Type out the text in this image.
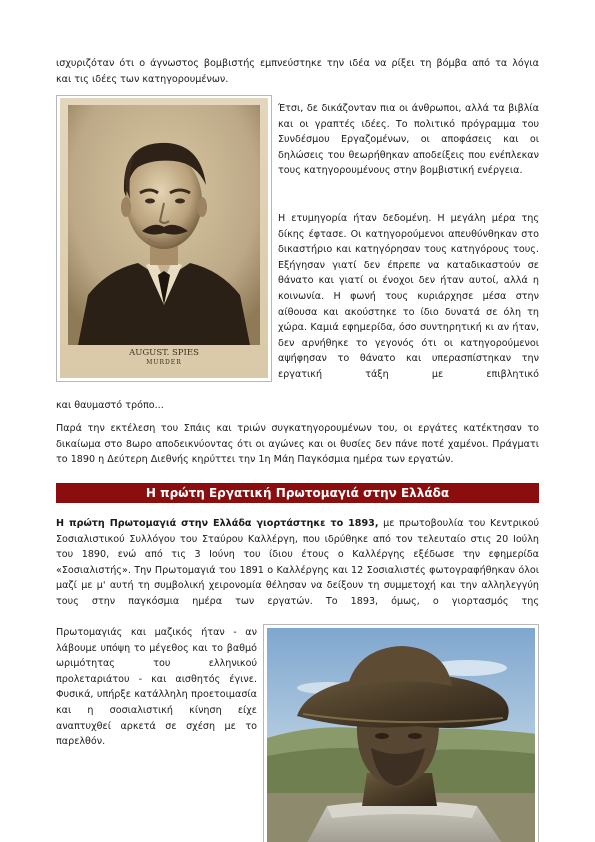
ισχυριζόταν ότι ο άγνωστος βομβιστής εμπνεύστηκε την ιδέα να ρίξει τη βόμβα από τα λόγια

και τις ιδέες των κατηγορουμένων.

AUGUST. SPIES
MURDER

Έτσι, δε δικάζονταν πια οι άνθρωποι, αλλά τα βιβλία και οι γραπτές ιδέες. Το πολιτικό πρόγραμμα του Συνδέσμου Εργαζομένων, οι αποφάσεις και οι δηλώσεις του θεωρήθηκαν αποδείξεις που ενέπλεκαν τους κατηγορουμένους στην βομβιστική ενέργεια.

Η ετυμηγορία ήταν δεδομένη. Η μεγάλη μέρα της δίκης έφτασε. Οι κατηγορούμενοι απευθύνθηκαν στο δικαστήριο και κατηγόρησαν τους κατηγόρους τους. Εξήγησαν γιατί δεν έπρεπε να καταδικαστούν σε θάνατο και γιατί οι ένοχοι δεν ήταν αυτοί, αλλά η κοινωνία. Η φωνή τους κυριάρχησε μέσα στην αίθουσα και ακούστηκε το ίδιο δυνατά σε όλη τη χώρα. Καμιά εφημερίδα, όσο συντηρητική κι αν ήταν, δεν αρνήθηκε το γεγονός ότι οι κατηγορούμενοι αψήφησαν το θάνατο και υπερασπίστηκαν την εργατική τάξη με επιβλητικό

και θαυμαστό τρόπο...

Παρά την εκτέλεση του Σπάις και τριών συγκατηγορουμένων του, οι εργάτες κατέκτησαν το δικαίωμα στο 8ωρο αποδεικνύοντας ότι οι αγώνες και οι θυσίες δεν πάνε ποτέ χαμένοι. Πράγματι το 1890 η Δεύτερη Διεθνής κηρύττει την 1η Μάη Παγκόσμια ημέρα των εργατών.

Η πρώτη Εργατική Πρωτομαγιά στην Ελλάδα

Η πρώτη Πρωτομαγιά στην Ελλάδα γιορτάστηκε το 1893, με πρωτοβουλία του Κεντρικού Σοσιαλιστικού Συλλόγου του Σταύρου Καλλέργη, που ιδρύθηκε από τον τελευταίο στις 20 Ιούλη του 1890, ενώ από τις 3 Ιούνη του ίδιου έτους ο Καλλέργης εξέδωσε την εφημερίδα «Σοσιαλιστής». Την Πρωτομαγιά του 1891 ο Καλλέργης και 12 Σοσιαλιστές φωτογραφήθηκαν όλοι μαζί με μ' αυτή τη συμβολική χειρονομία θέλησαν να δείξουν τη συμμετοχή και την αλληλεγγύη τους στην παγκόσμια ημέρα των εργατών. Το 1893, όμως, ο γιορτασμός της

Πρωτομαγιάς και μαζικός ήταν - αν λάβουμε υπόψη το μέγεθος και το βαθμό ωριμότητας του ελληνικού προλεταριάτου - και αισθητός έγινε. Φυσικά, υπήρξε κατάλληλη προετοιμασία και η σοσιαλιστική κίνηση είχε αναπτυχθεί αρκετά σε σχέση με το παρελθόν.
